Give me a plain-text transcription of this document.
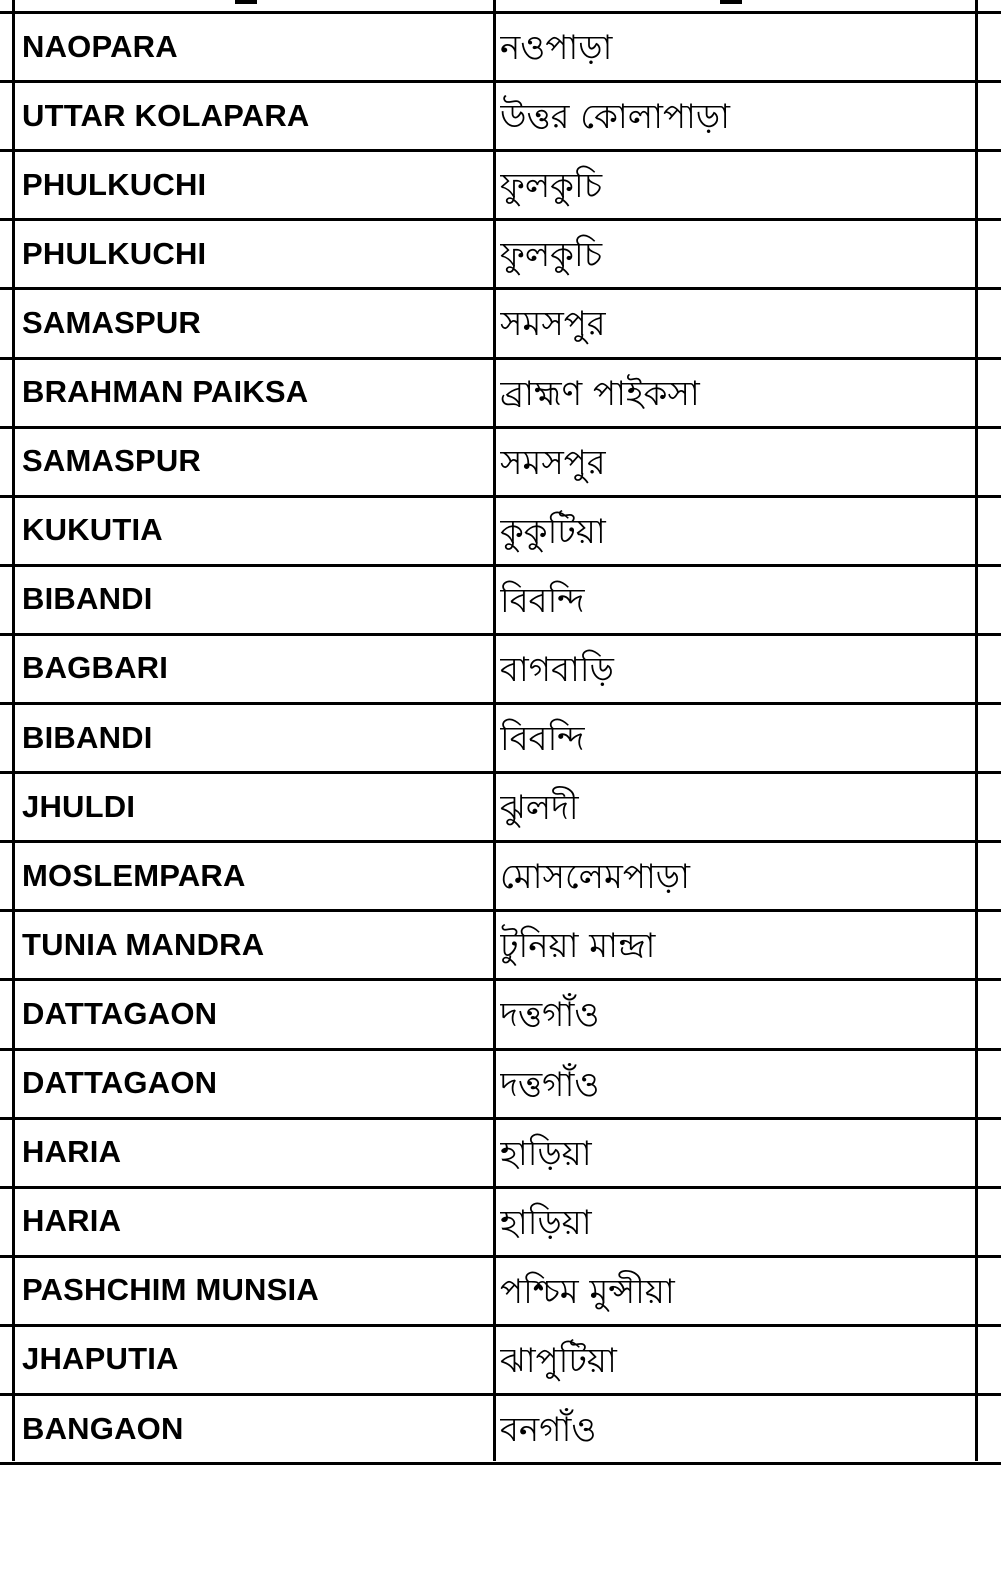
NAOPARA	নওপাড়া
UTTAR KOLAPARA	উত্তর কোলাপাড়া
PHULKUCHI	ফুলকুচি
PHULKUCHI	ফুলকুচি
SAMASPUR	সমসপুর
BRAHMAN PAIKSA	ব্রাহ্মণ পাইকসা
SAMASPUR	সমসপুর
KUKUTIA	কুকুটিয়া
BIBANDI	বিবন্দি
BAGBARI	বাগবাড়ি
BIBANDI	বিবন্দি
JHULDI	ঝুলদী
MOSLEMPARA	মোসলেমপাড়া
TUNIA MANDRA	টুনিয়া মান্দ্রা
DATTAGAON	দত্তগাঁও
DATTAGAON	দত্তগাঁও
HARIA	হাড়িয়া
HARIA	হাড়িয়া
PASHCHIM MUNSIA	পশ্চিম মুন্সীয়া
JHAPUTIA	ঝাপুটিয়া
BANGAON	বনগাঁও
